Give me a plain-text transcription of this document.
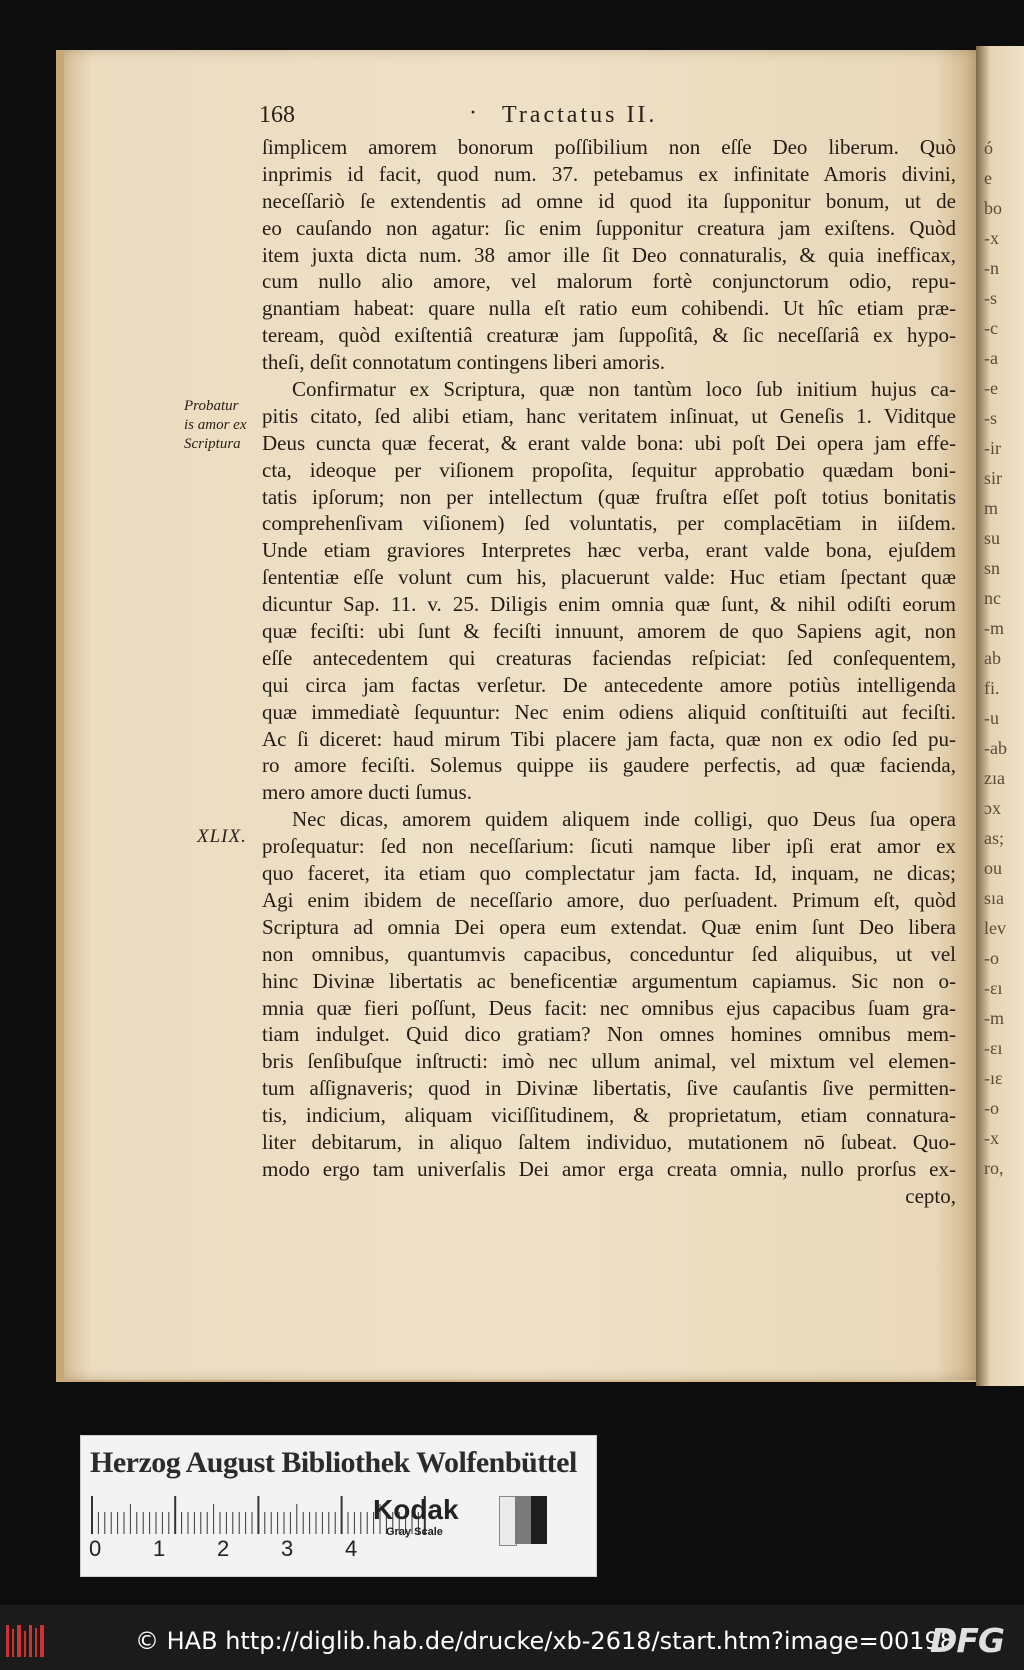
ó
e
bo
-x
-n
-s
-c
-a
-e
-s
-ir
sir
m
su
sn
nc
-m
ab
fi.
-u
-ab
zıa
ɔx
as;
ou
sıa
lev
-o
-ɛı
-m
-ɛı
-ıɛ
-o
-x
ro,
168	· Tractatus II.
Probatur
is amor ex
Scriptura
XLIX.
ſimplicem amorem bonorum poſſibilium non eſſe Deo liberum. Quò
inprimis id facit, quod num. 37. petebamus ex infinitate Amoris divini,
neceſſariò ſe extendentis ad omne id quod ita ſupponitur bonum, ut de
eo cauſando non agatur: ſic enim ſupponitur creatura jam exiſtens. Quòd
item juxta dicta num. 38 amor ille ſit Deo connaturalis, & quia inefficax,
cum nullo alio amore, vel malorum fortè conjunctorum odio, repu-
gnantiam habeat: quare nulla eſt ratio eum cohibendi. Ut hîc etiam præ-
teream, quòd exiſtentiâ creaturæ jam ſuppoſitâ, & ſic neceſſariâ ex hypo-
theſi, deſit connotatum contingens liberi amoris.
Confirmatur ex Scriptura, quæ non tantùm loco ſub initium hujus ca-
pitis citato, ſed alibi etiam, hanc veritatem inſinuat, ut Geneſis 1. Viditque
Deus cuncta quæ fecerat, & erant valde bona: ubi poſt Dei opera jam effe-
cta, ideoque per viſionem propoſita, ſequitur approbatio quædam boni-
tatis ipſorum; non per intellectum (quæ fruſtra eſſet poſt totius bonitatis
comprehenſivam viſionem) ſed voluntatis, per complacētiam in iiſdem.
Unde etiam graviores Interpretes hæc verba, erant valde bona, ejuſdem
ſententiæ eſſe volunt cum his, placuerunt valde: Huc etiam ſpectant quæ
dicuntur Sap. 11. v. 25. Diligis enim omnia quæ ſunt, & nihil odiſti eorum
quæ feciſti: ubi ſunt & feciſti innuunt, amorem de quo Sapiens agit, non
eſſe antecedentem qui creaturas faciendas reſpiciat: ſed conſequentem,
qui circa jam factas verſetur. De antecedente amore potiùs intelligenda
quæ immediatè ſequuntur: Nec enim odiens aliquid conſtituiſti aut feciſti.
Ac ſi diceret: haud mirum Tibi placere jam facta, quæ non ex odio ſed pu-
ro amore feciſti. Solemus quippe iis gaudere perfectis, ad quæ facienda,
mero amore ducti ſumus.
Nec dicas, amorem quidem aliquem inde colligi, quo Deus ſua opera
proſequatur: ſed non neceſſarium: ſicuti namque liber ipſi erat amor ex
quo faceret, ita etiam quo complectatur jam facta. Id, inquam, ne dicas;
Agi enim ibidem de neceſſario amore, duo perſuadent. Primum eſt, quòd
Scriptura ad omnia Dei opera eum extendat. Quæ enim ſunt Deo libera
non omnibus, quantumvis capacibus, conceduntur ſed aliquibus, ut vel
hinc Divinæ libertatis ac beneficentiæ argumentum capiamus. Sic non o-
mnia quæ fieri poſſunt, Deus facit: nec omnibus ejus capacibus ſuam gra-
tiam indulget. Quid dico gratiam? Non omnes homines omnibus mem-
bris ſenſibuſque inſtructi: imò nec ullum animal, vel mixtum vel elemen-
tum aſſignaveris; quod in Divinæ libertatis, ſive cauſantis ſive permitten-
tis, indicium, aliquam viciſſitudinem, & proprietatum, etiam connatura-
liter debitarum, in aliquo ſaltem individuo, mutationem nō ſubeat. Quo-
modo ergo tam univerſalis Dei amor erga creata omnia, nullo prorſus ex-
cepto,
Herzog August Bibliothek Wolfenbüttel
0 1 2 3 4
Kodak
Gray Scale
© HAB http://diglib.hab.de/drucke/xb-2618/start.htm?image=00198
DFG
